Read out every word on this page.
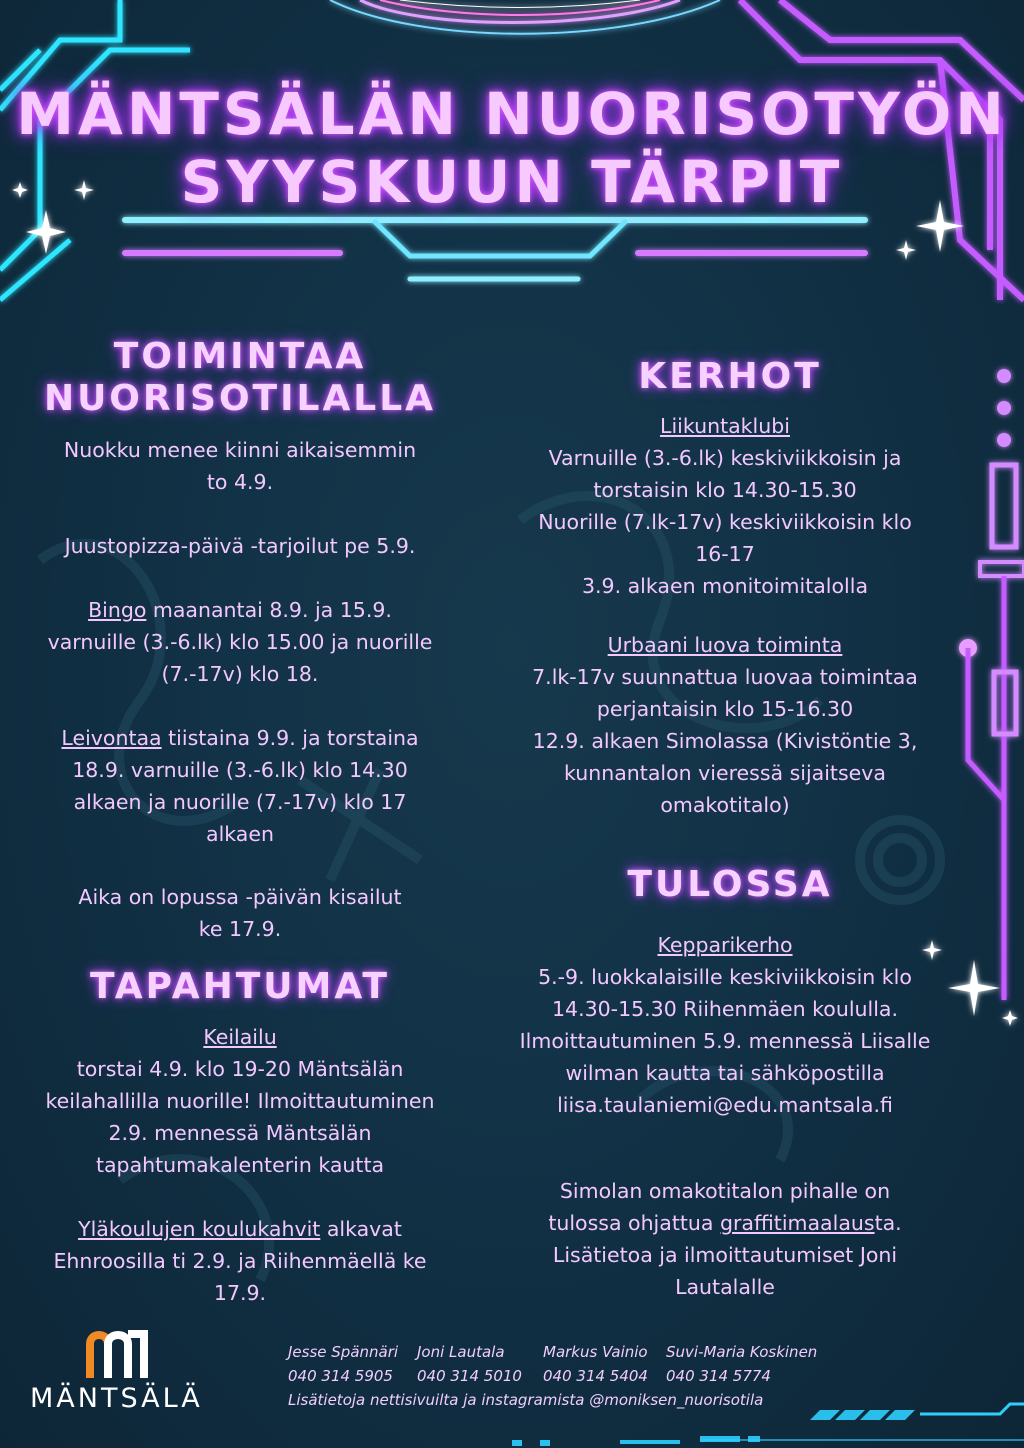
MÄNTSÄLÄN NUORISOTYÖN
SYYSKUUN TÄRPIT
TOIMINTAA
NUORISOTILALLA

Nuokku menee kiinni aikaisemmin

to 4.9.

Juustopizza-päivä -tarjoilut pe 5.9.

Bingo maanantai 8.9. ja 15.9.

varnuille (3.-6.lk) klo 15.00 ja nuorille

(7.-17v) klo 18.

Leivontaa tiistaina 9.9. ja torstaina

18.9. varnuille (3.-6.lk) klo 14.30

alkaen ja nuorille (7.-17v) klo 17

alkaen

Aika on lopussa -päivän kisailut

ke 17.9.

TAPAHTUMAT

Keilailu

torstai 4.9. klo 19-20 Mäntsälän

keilahallilla nuorille! Ilmoittautuminen

2.9. mennessä Mäntsälän

tapahtumakalenterin kautta

Yläkoulujen koulukahvit alkavat

Ehnroosilla ti 2.9. ja Riihenmäellä ke

17.9.

KERHOT

Liikuntaklubi

Varnuille (3.-6.lk) keskiviikkoisin ja

torstaisin klo 14.30-15.30

Nuorille (7.lk-17v) keskiviikkoisin klo

16-17

3.9. alkaen monitoimitalolla

Urbaani luova toiminta

7.lk-17v suunnattua luovaa toimintaa

perjantaisin klo 15-16.30

12.9. alkaen Simolassa (Kivistöntie 3,

kunnantalon vieressä sijaitseva

omakotitalo)

TULOSSA

Kepparikerho

5.-9. luokkalaisille keskiviikkoisin klo

14.30-15.30 Riihenmäen koululla.

Ilmoittautuminen 5.9. mennessä Liisalle

wilman kautta tai sähköpostilla

liisa.taulaniemi@edu.mantsala.fi

Simolan omakotitalon pihalle on

tulossa ohjattua graffitimaalausta.

Lisätietoa ja ilmoittautumiset Joni

Lautalalle

MÄNTSÄLÄ
Jesse Spännäri	Joni Lautala	Markus Vainio	Suvi-Maria Koskinen
040 314 5905	040 314 5010	040 314 5404	040 314 5774
Lisätietoja nettisivuilta ja instagramista @moniksen_nuorisotila
